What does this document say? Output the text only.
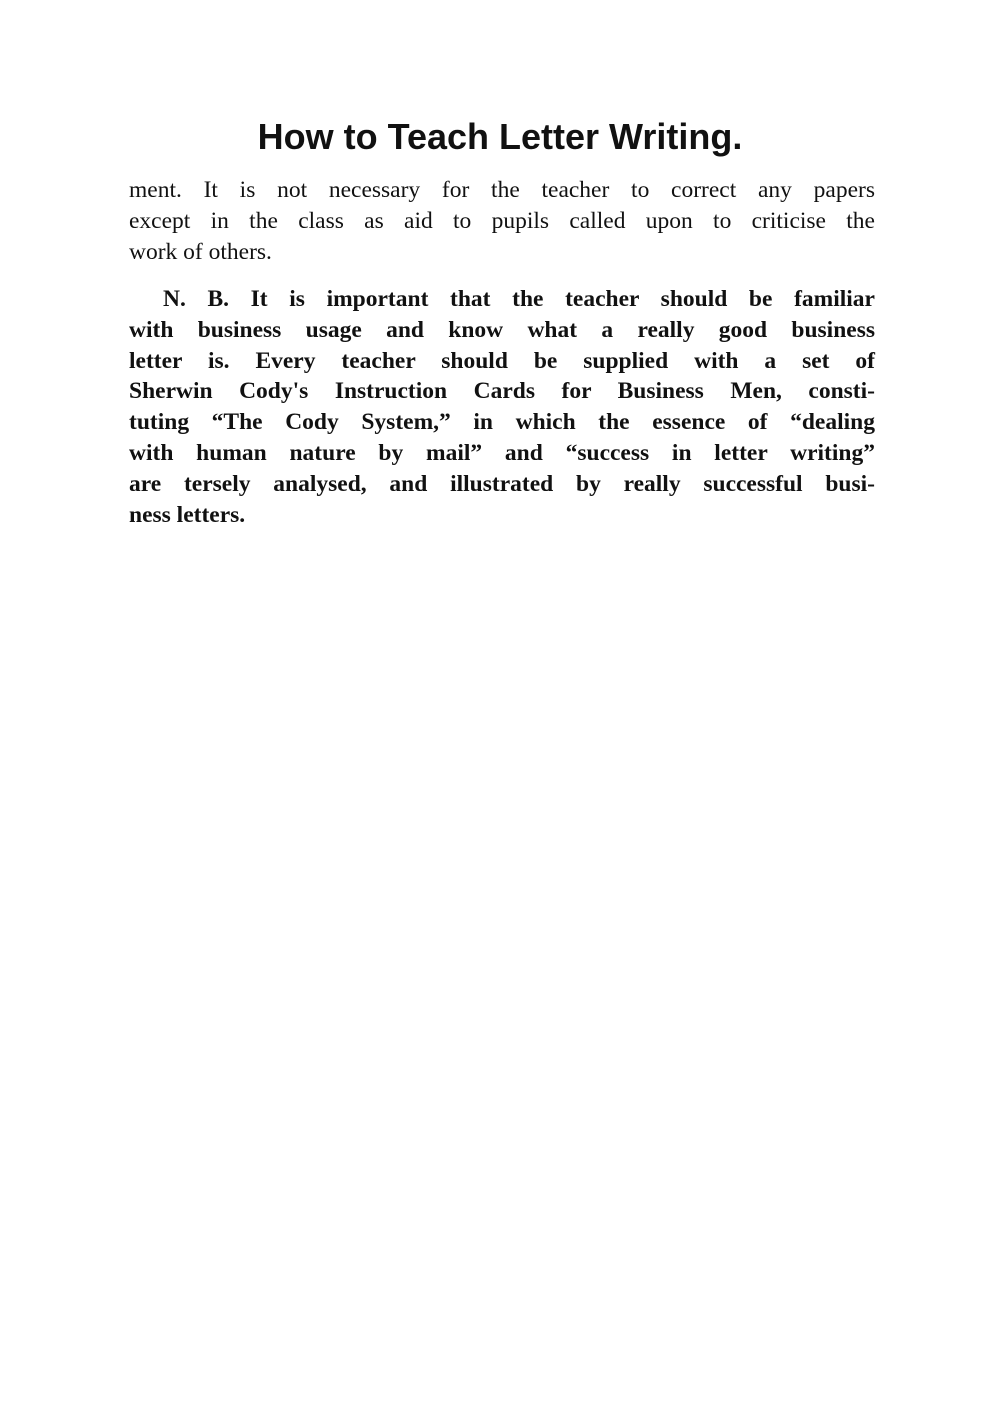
How to Teach Letter Writing.

ment. It is not necessary for the teacher to correct any papers
except in the class as aid to pupils called upon to criticise the
work of others.

N. B. It is important that the teacher should be familiar
with business usage and know what a really good business
letter is. Every teacher should be supplied with a set of
Sherwin Cody's Instruction Cards for Business Men, consti-
tuting “The Cody System,” in which the essence of “dealing
with human nature by mail” and “success in letter writing”
are tersely analysed, and illustrated by really successful busi-
ness letters.
